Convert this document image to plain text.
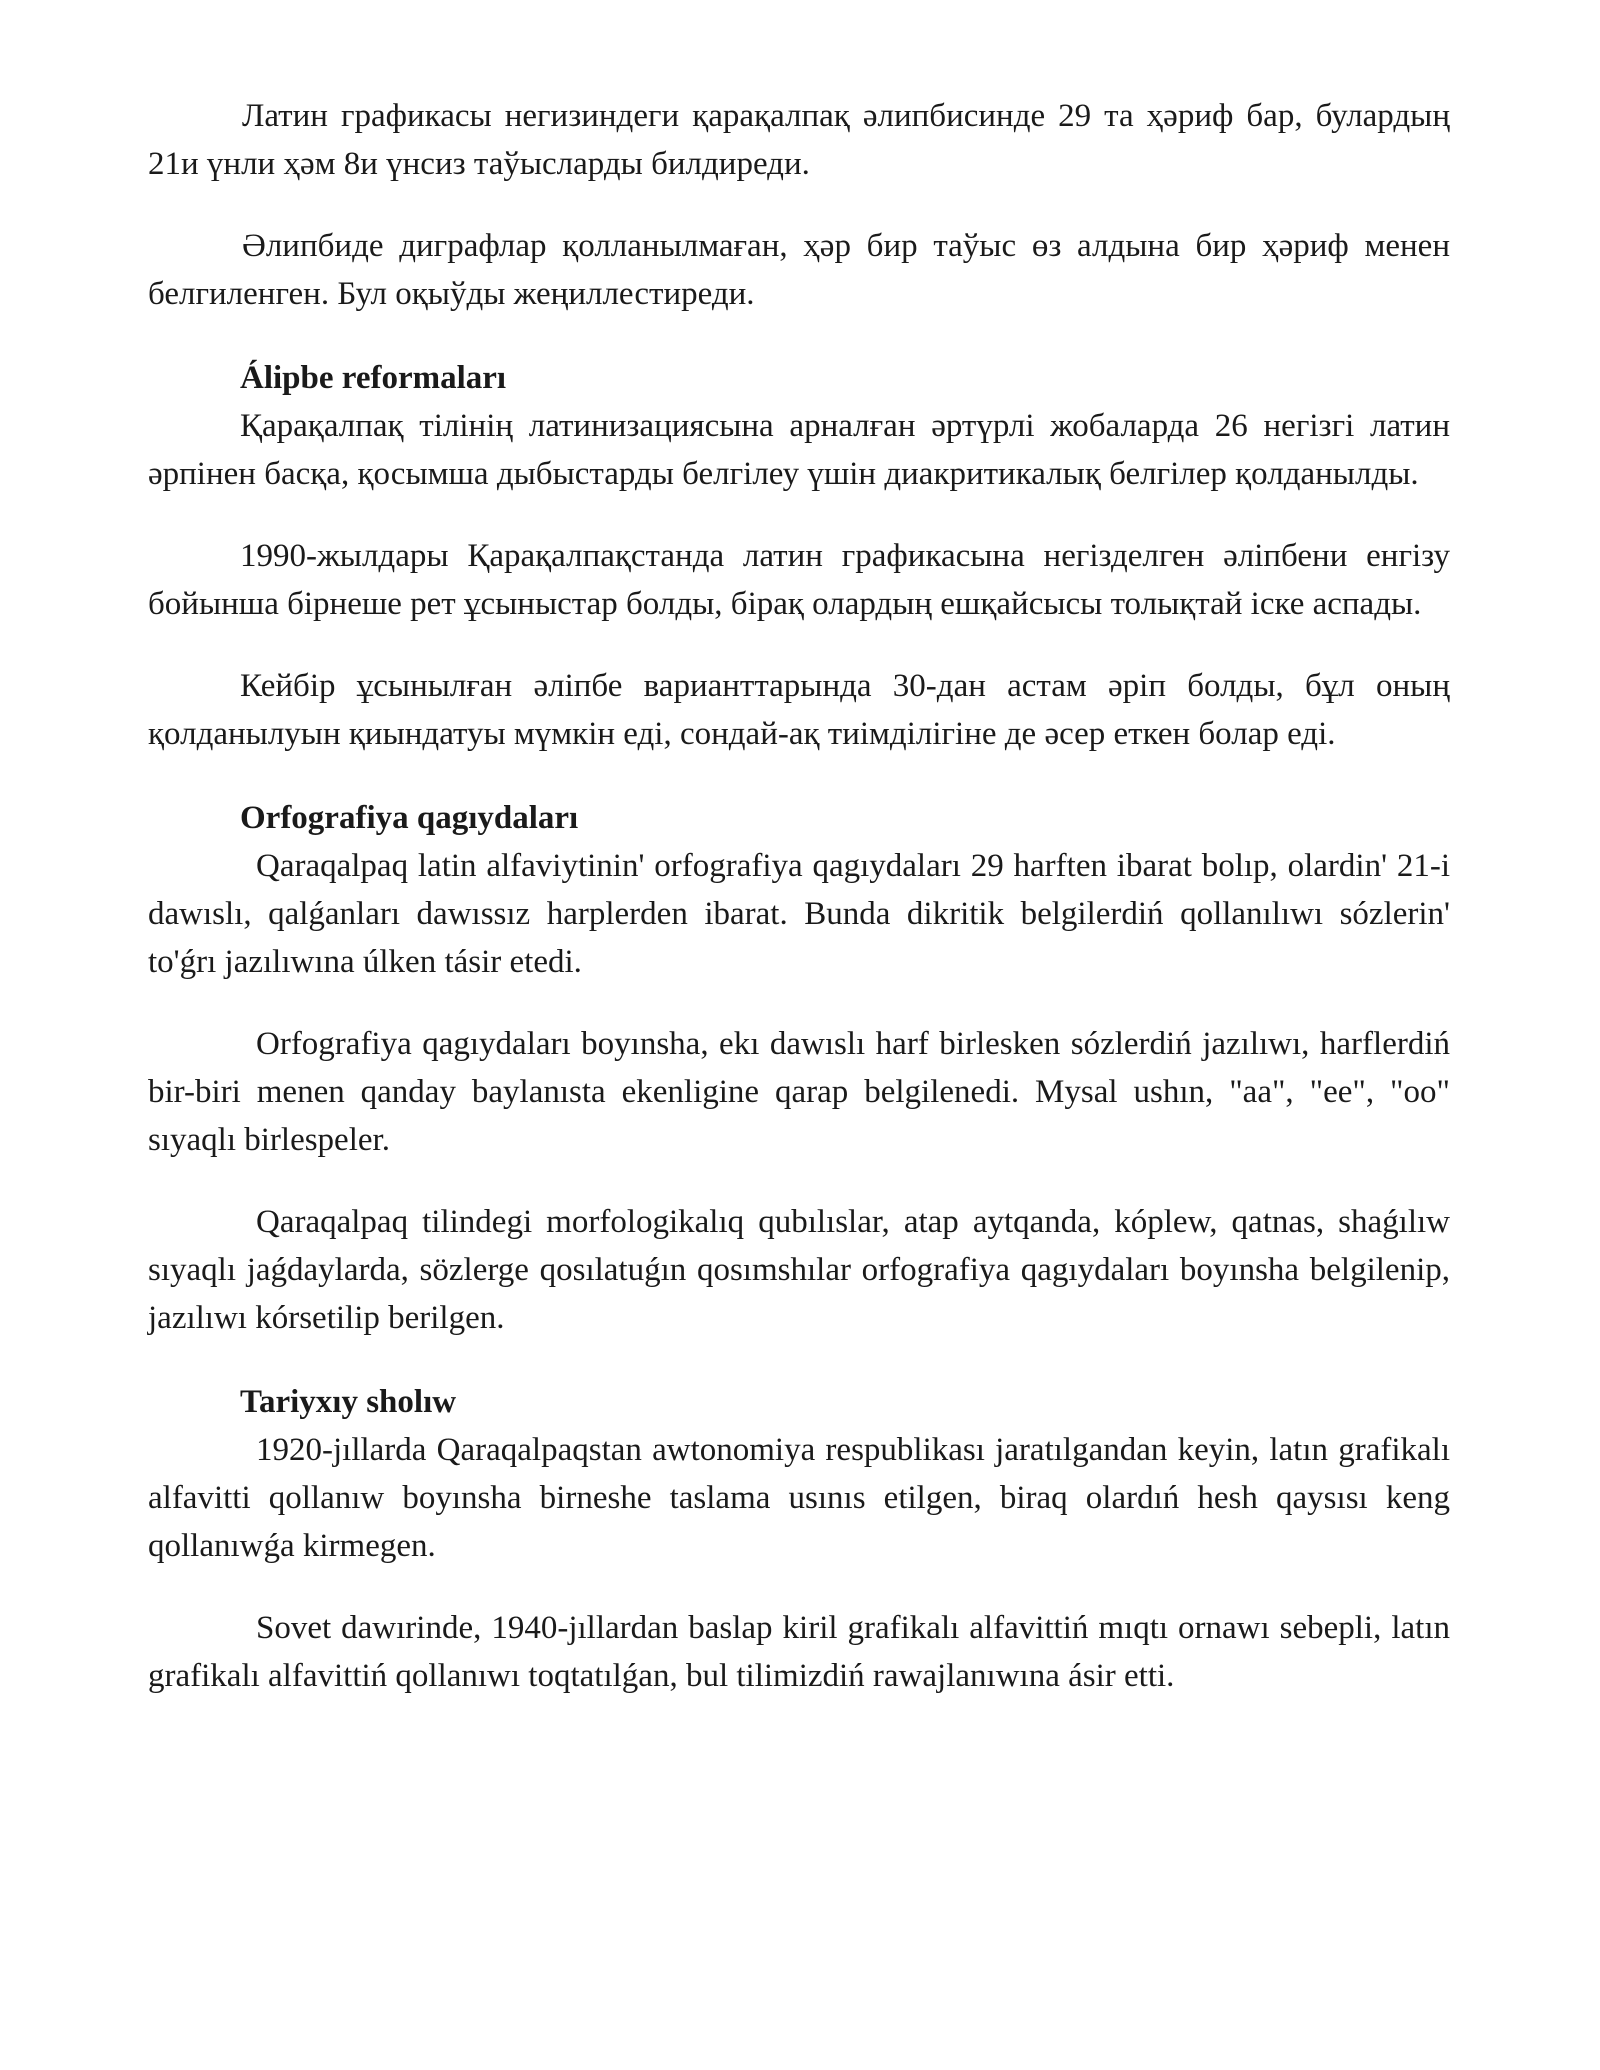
Латин графикасы негизиндеги қарақалпақ әлипбисинде 29 та ҳәриф бар, булардың 21и үнли ҳәм 8и үнсиз таўысларды билдиреди.

Әлипбиде диграфлар қолланылмаған, ҳәр бир таўыс өз алдына бир ҳәриф менен белгиленген. Бул оқыўды жеңиллестиреди.

Álipbe reformaları

Қарақалпақ тілінің латинизациясына арналған әртүрлі жобаларда 26 негізгі латин әрпінен басқа, қосымша дыбыстарды белгілеу үшін диакритикалық белгілер қолданылды.

1990-жылдары Қарақалпақстанда латин графикасына негізделген әліпбени енгізу бойынша бірнеше рет ұсыныстар болды, бірақ олардың ешқайсысы толықтай іске аспады.

Кейбір ұсынылған әліпбе варианттарында 30-дан астам әріп болды, бұл оның қолданылуын қиындатуы мүмкін еді, сондай-ақ тиімділігіне де әсер еткен болар еді.

Orfografiya qagıydaları

Qaraqalpaq latin alfaviytinin' orfografiya qagıydaları 29 harften ibarat bolıp, olardin' 21-i dawıslı, qalǵanları dawıssız harplerden ibarat. Bunda dikritik belgilerdiń qollanılıwı sózlerin' to'ǵrı jazılıwına úlken tásir etedi.

Orfografiya qagıydaları boyınsha, ekı dawıslı harf birlesken sózlerdiń jazılıwı, harflerdiń bir-biri menen qanday baylanısta ekenligine qarap belgilenedi. Mysal ushın, "aa", "ee", "oo" sıyaqlı birlespeler.

Qaraqalpaq tilindegi morfologikalıq qubılıslar, atap aytqanda, kóplew, qatnas, shaǵılıw sıyaqlı jaǵdaylarda, sözlerge qosılatuǵın qosımshılar orfografiya qagıydaları boyınsha belgilenip, jazılıwı kórsetilip berilgen.

Tariyxıy sholıw

1920-jıllarda Qaraqalpaqstan awtonomiya respublikası jaratılgandan keyin, latın grafikalı alfavitti qollanıw boyınsha birneshe taslama usınıs etilgen, biraq olardıń hesh qaysısı keng qollanıwǵa kirmegen.

Sovet dawırinde, 1940-jıllardan baslap kiril grafikalı alfavittiń mıqtı ornawı sebepli, latın grafikalı alfavittiń qollanıwı toqtatılǵan, bul tilimizdiń rawajlanıwına ásir etti.
